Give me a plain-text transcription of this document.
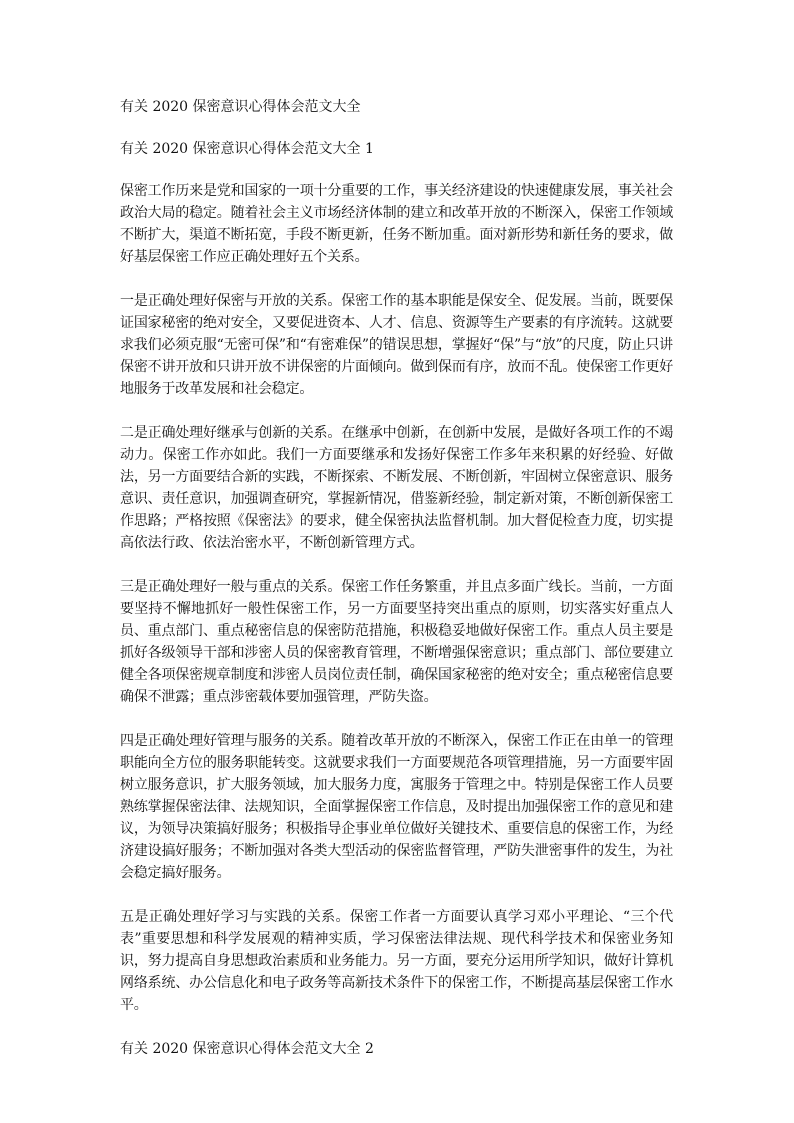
有关 2020 保密意识心得体会范文大全
有关 2020 保密意识心得体会范文大全 1

保密工作历来是党和国家的一项十分重要的工作，事关经济建设的快速健康发展，事关社会政治大局的稳定。随着社会主义市场经济体制的建立和改革开放的不断深入，保密工作领域不断扩大，渠道不断拓宽，手段不断更新，任务不断加重。面对新形势和新任务的要求，做好基层保密工作应正确处理好五个关系。

一是正确处理好保密与开放的关系。保密工作的基本职能是保安全、促发展。当前，既要保证国家秘密的绝对安全，又要促进资本、人才、信息、资源等生产要素的有序流转。这就要求我们必须克服“无密可保”和“有密难保”的错误思想，掌握好“保”与“放”的尺度，防止只讲保密不讲开放和只讲开放不讲保密的片面倾向。做到保而有序，放而不乱。使保密工作更好地服务于改革发展和社会稳定。

二是正确处理好继承与创新的关系。在继承中创新，在创新中发展，是做好各项工作的不竭动力。保密工作亦如此。我们一方面要继承和发扬好保密工作多年来积累的好经验、好做法，另一方面要结合新的实践，不断探索、不断发展、不断创新，牢固树立保密意识、服务意识、责任意识，加强调查研究，掌握新情况，借鉴新经验，制定新对策，不断创新保密工作思路；严格按照《保密法》的要求，健全保密执法监督机制。加大督促检查力度，切实提高依法行政、依法治密水平，不断创新管理方式。

三是正确处理好一般与重点的关系。保密工作任务繁重，并且点多面广线长。当前，一方面要坚持不懈地抓好一般性保密工作，另一方面要坚持突出重点的原则，切实落实好重点人员、重点部门、重点秘密信息的保密防范措施，积极稳妥地做好保密工作。重点人员主要是抓好各级领导干部和涉密人员的保密教育管理，不断增强保密意识；重点部门、部位要建立健全各项保密规章制度和涉密人员岗位责任制，确保国家秘密的绝对安全；重点秘密信息要确保不泄露；重点涉密载体要加强管理，严防失盗。

四是正确处理好管理与服务的关系。随着改革开放的不断深入，保密工作正在由单一的管理职能向全方位的服务职能转变。这就要求我们一方面要规范各项管理措施，另一方面要牢固树立服务意识，扩大服务领域，加大服务力度，寓服务于管理之中。特别是保密工作人员要熟练掌握保密法律、法规知识，全面掌握保密工作信息，及时提出加强保密工作的意见和建议，为领导决策搞好服务；积极指导企事业单位做好关键技术、重要信息的保密工作，为经济建设搞好服务；不断加强对各类大型活动的保密监督管理，严防失泄密事件的发生，为社会稳定搞好服务。

五是正确处理好学习与实践的关系。保密工作者一方面要认真学习邓小平理论、“三个代表”重要思想和科学发展观的精神实质，学习保密法律法规、现代科学技术和保密业务知识，努力提高自身思想政治素质和业务能力。另一方面，要充分运用所学知识，做好计算机网络系统、办公信息化和电子政务等高新技术条件下的保密工作，不断提高基层保密工作水平。

有关 2020 保密意识心得体会范文大全 2
